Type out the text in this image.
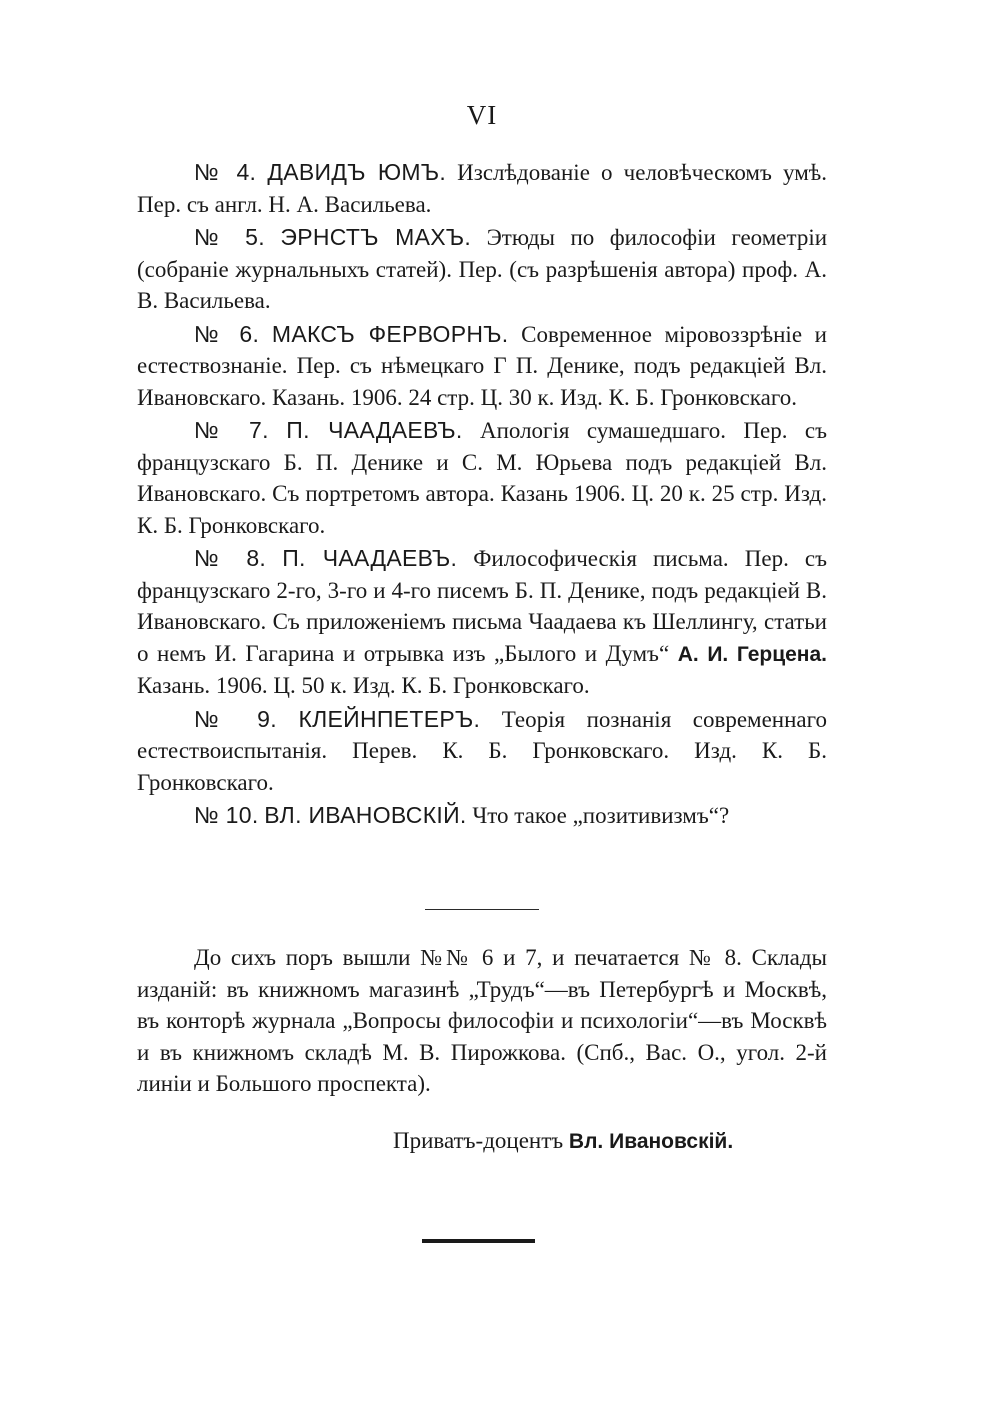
VI

№ 4. ДАВИДЪ ЮМЪ. Изслѣдованіе о человѣческомъ умѣ. Пер. съ англ. Н. А. Васильева.

№ 5. ЭРНСТЪ МАХЪ. Этюды по философіи геометріи (собраніе журнальныхъ статей). Пер. (съ разрѣшенія автора) проф. А. В. Васильева.

№ 6. МАКСЪ ФЕРВОРНЪ. Современное міровоззрѣніе и естествознаніе. Пер. съ нѣмецкаго Г П. Денике, подъ редакціей Вл. Ивановскаго. Казань. 1906. 24 стр. Ц. 30 к. Изд. К. Б. Гронковскаго.

№ 7. П. ЧААДАЕВЪ. Апологія сумашедшаго. Пер. съ французскаго Б. П. Денике и С. М. Юрьева подъ редакціей Вл. Ивановскаго. Съ портретомъ автора. Казань 1906. Ц. 20 к. 25 стр. Изд. К. Б. Гронковскаго.

№ 8. П. ЧААДАЕВЪ. Философическія письма. Пер. съ французскаго 2-го, 3-го и 4-го писемъ Б. П. Денике, подъ редакціей В. Ивановскаго. Съ приложеніемъ письма Чаадаева къ Шеллингу, статьи о немъ И. Гагарина и отрывка изъ „Былого и Думъ“ А. И. Герцена. Казань. 1906. Ц. 50 к. Изд. К. Б. Гронковскаго.

№ 9. КЛЕЙНПЕТЕРЪ. Теорія познанія современнаго естествоиспытанія. Перев. К. Б. Гронковскаго. Изд. К. Б. Гронковскаго.

№ 10. ВЛ. ИВАНОВСКІЙ. Что такое „позитивизмъ“?

До сихъ поръ вышли №№ 6 и 7, и печатается № 8. Склады изданій: въ книжномъ магазинѣ „Трудъ“—въ Петербургѣ и Москвѣ, въ конторѣ журнала „Вопросы философіи и психологіи“—въ Москвѣ и въ книжномъ складѣ М. В. Пирожкова. (Спб., Вас. О., угол. 2-й линіи и Большого проспекта).

Приватъ-доцентъ Вл. Ивановскій.
